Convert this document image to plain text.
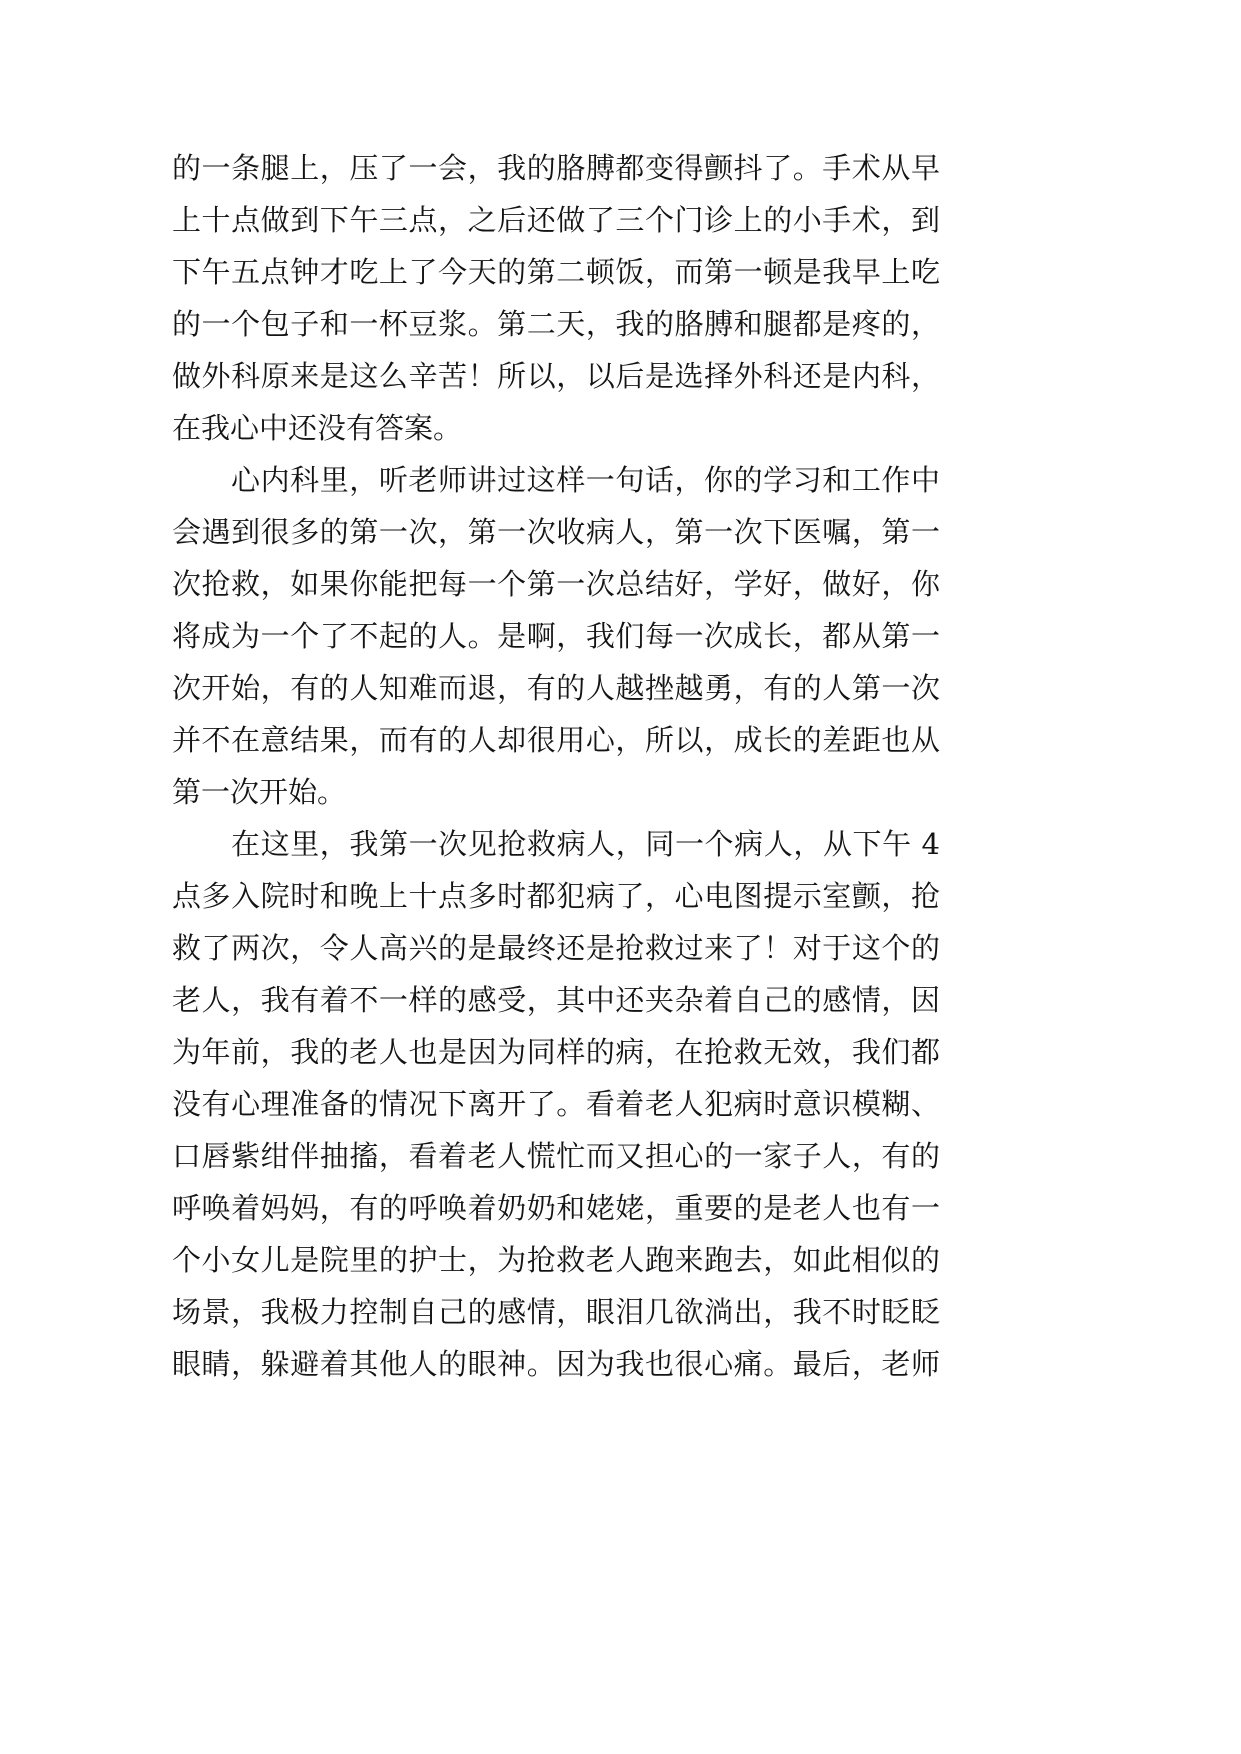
的一条腿上，压了一会，我的胳膊都变得颤抖了。手术从早
上十点做到下午三点，之后还做了三个门诊上的小手术，到
下午五点钟才吃上了今天的第二顿饭，而第一顿是我早上吃
的一个包子和一杯豆浆。第二天，我的胳膊和腿都是疼的，
做外科原来是这么辛苦！所以，以后是选择外科还是内科，
在我心中还没有答案。
心内科里，听老师讲过这样一句话，你的学习和工作中
会遇到很多的第一次，第一次收病人，第一次下医嘱，第一
次抢救，如果你能把每一个第一次总结好，学好，做好，你
将成为一个了不起的人。是啊，我们每一次成长，都从第一
次开始，有的人知难而退，有的人越挫越勇，有的人第一次
并不在意结果，而有的人却很用心，所以，成长的差距也从
第一次开始。
在这里，我第一次见抢救病人，同一个病人，从下午 4
点多入院时和晚上十点多时都犯病了，心电图提示室颤，抢
救了两次，令人高兴的是最终还是抢救过来了！对于这个的
老人，我有着不一样的感受，其中还夹杂着自己的感情，因
为年前，我的老人也是因为同样的病，在抢救无效，我们都
没有心理准备的情况下离开了。看着老人犯病时意识模糊、
口唇紫绀伴抽搐，看着老人慌忙而又担心的一家子人，有的
呼唤着妈妈，有的呼唤着奶奶和姥姥，重要的是老人也有一
个小女儿是院里的护士，为抢救老人跑来跑去，如此相似的
场景，我极力控制自己的感情，眼泪几欲淌出，我不时眨眨
眼睛，躲避着其他人的眼神。因为我也很心痛。最后，老师
